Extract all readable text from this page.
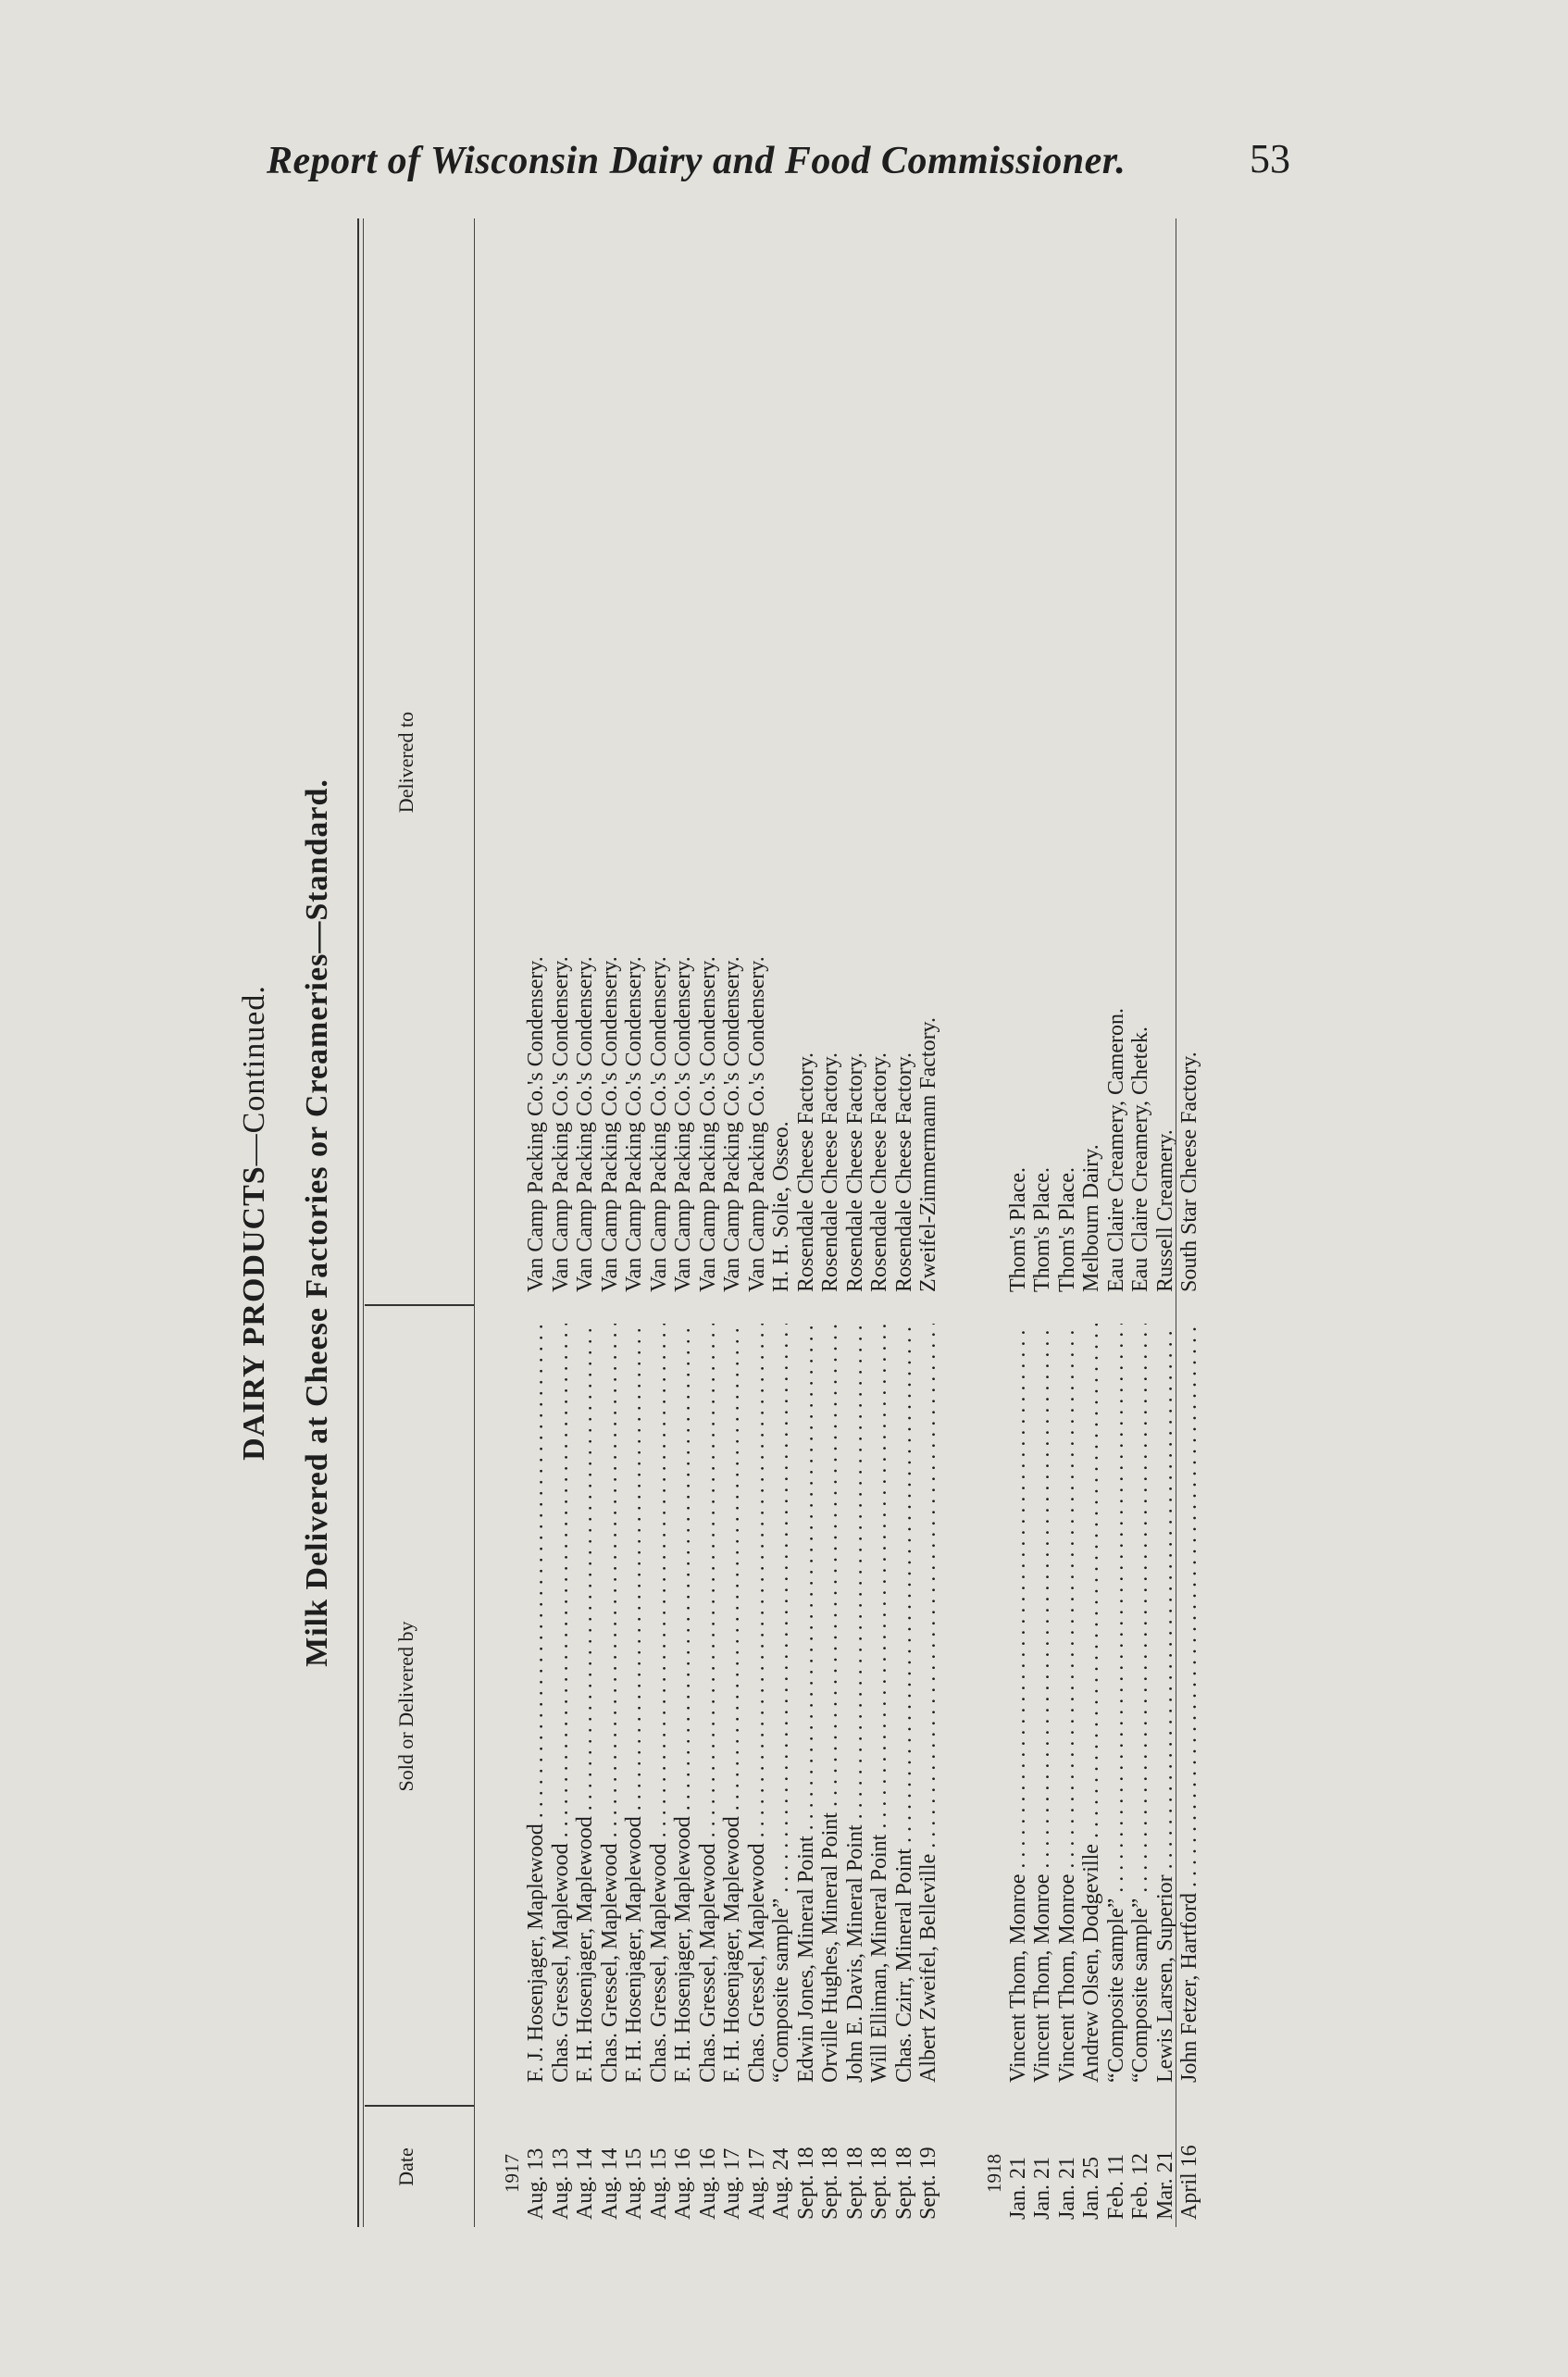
Report of Wisconsin Dairy and Food Commissioner.	53
DAIRY PRODUCTS—Continued. Milk Delivered at Cheese Factories or Creameries—Standard.
Date
Sold or Delivered by
Delivered to
1917 Aug. 13
F. J. Hosenjager, Maplewood . . .
Van Camp Packing Co.'s Condensery.
Aug. 13
Chas. Gressel, Maplewood . . .
Van Camp Packing Co.'s Condensery.
Aug. 14
F. H. Hosenjager, Maplewood . . .
Van Camp Packing Co.'s Condensery.
Aug. 14
Chas. Gressel, Maplewood . . .
Van Camp Packing Co.'s Condensery.
Aug. 15
F. H. Hosenjager, Maplewood . . .
Van Camp Packing Co.'s Condensery.
Aug. 15
Chas. Gressel, Maplewood . . .
Van Camp Packing Co.'s Condensery.
Aug. 16
F. H. Hosenjager, Maplewood . . .
Van Camp Packing Co.'s Condensery.
Aug. 16
Chas. Gressel, Maplewood . . .
Van Camp Packing Co.'s Condensery.
Aug. 17
F. H. Hosenjager, Maplewood . . .
Van Camp Packing Co.'s Condensery.
Aug. 17
Chas. Gressel, Maplewood . . .
Van Camp Packing Co.'s Condensery.
Aug. 24
“Composite sample” . . .
H. H. Solie, Osseo.
Sept. 18
Edwin Jones, Mineral Point . . .
Rosendale Cheese Factory.
Sept. 18
Orville Hughes, Mineral Point . . .
Rosendale Cheese Factory.
Sept. 18
John E. Davis, Mineral Point . . .
Rosendale Cheese Factory.
Sept. 18
Will Elliman, Mineral Point . . .
Rosendale Cheese Factory.
Sept. 18
Chas. Czirr, Mineral Point . . .
Rosendale Cheese Factory.
Sept. 19
Albert Zweifel, Belleville . . .
Zweifel-Zimmermann Factory.
1918 Jan. 21
Vincent Thom, Monroe . . .
Thom's Place.
Jan. 21
Vincent Thom, Monroe . . .
Thom's Place.
Jan. 21
Vincent Thom, Monroe . . .
Thom's Place.
Jan. 25
Andrew Olsen, Dodgeville . . .
Melbourn Dairy.
Feb. 11
“Composite sample” . . .
Eau Claire Creamery, Cameron.
Feb. 12
“Composite sample” . . .
Eau Claire Creamery, Chetek.
Mar. 21
Lewis Larsen, Superior . . .
Russell Creamery.
April 16
John Fetzer, Hartford . . .
South Star Cheese Factory.
